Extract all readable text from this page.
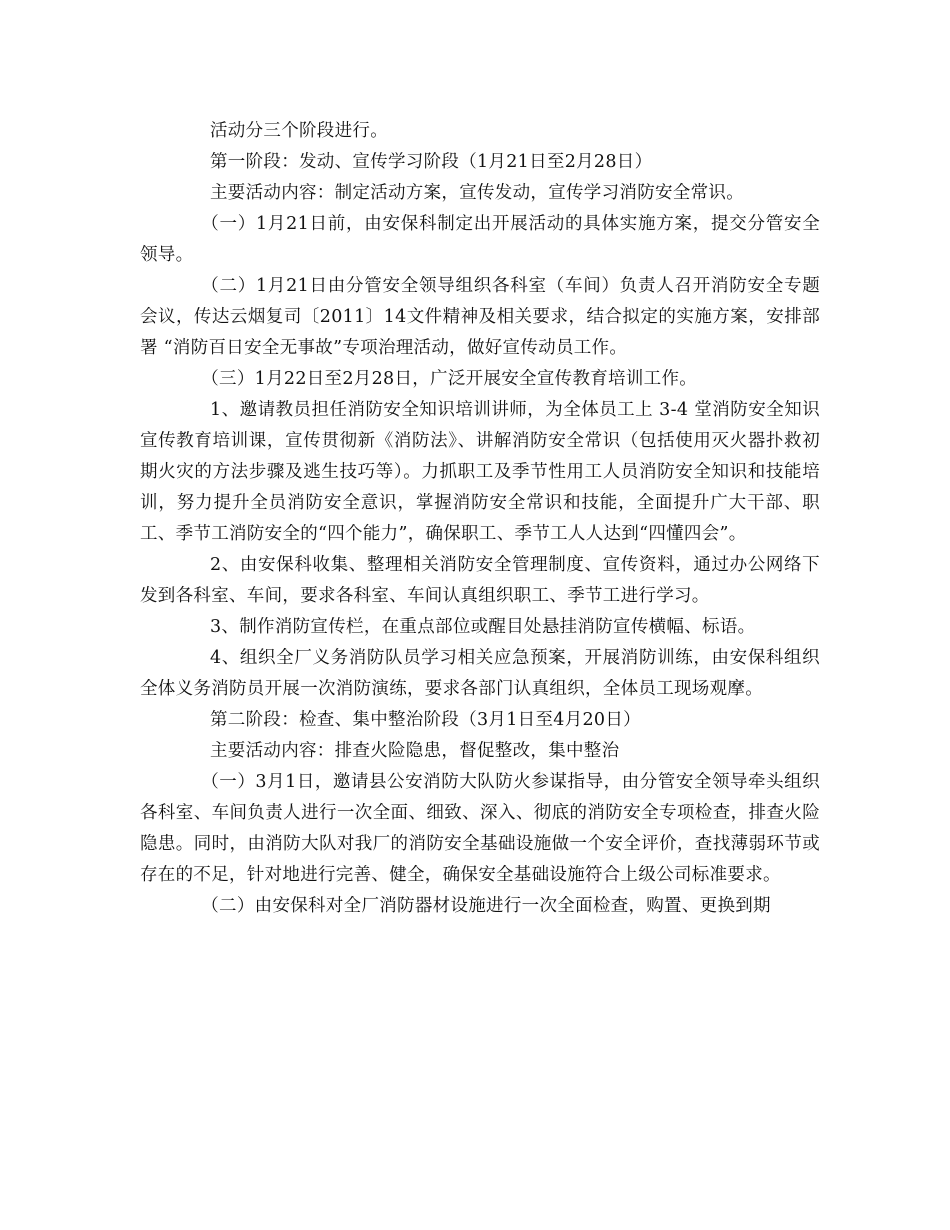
活动分三个阶段进行。

第一阶段：发动、宣传学习阶段（1月21日至2月28日）

主要活动内容：制定活动方案，宣传发动，宣传学习消防安全常识。

（一）1月21日前，由安保科制定出开展活动的具体实施方案，提交分管安全领导。

（二）1月21日由分管安全领导组织各科室（车间）负责人召开消防安全专题会议，传达云烟复司〔2011〕14文件精神及相关要求，结合拟定的实施方案，安排部署 “消防百日安全无事故”专项治理活动，做好宣传动员工作。

（三）1月22日至2月28日，广泛开展安全宣传教育培训工作。

1、邀请教员担任消防安全知识培训讲师，为全体员工上 3-4 堂消防安全知识宣传教育培训课，宣传贯彻新《消防法》、讲解消防安全常识（包括使用灭火器扑救初期火灾的方法步骤及逃生技巧等）。力抓职工及季节性用工人员消防安全知识和技能培训，努力提升全员消防安全意识，掌握消防安全常识和技能，全面提升广大干部、职工、季节工消防安全的“四个能力”，确保职工、季节工人人达到“四懂四会”。

2、由安保科收集、整理相关消防安全管理制度、宣传资料，通过办公网络下发到各科室、车间，要求各科室、车间认真组织职工、季节工进行学习。

3、制作消防宣传栏，在重点部位或醒目处悬挂消防宣传横幅、标语。

4、组织全厂义务消防队员学习相关应急预案，开展消防训练，由安保科组织全体义务消防员开展一次消防演练，要求各部门认真组织，全体员工现场观摩。

第二阶段：检查、集中整治阶段（3月1日至4月20日）

主要活动内容：排查火险隐患，督促整改，集中整治

（一）3月1日，邀请县公安消防大队防火参谋指导，由分管安全领导牵头组织各科室、车间负责人进行一次全面、细致、深入、彻底的消防安全专项检查，排查火险隐患。同时，由消防大队对我厂的消防安全基础设施做一个安全评价，查找薄弱环节或存在的不足，针对地进行完善、健全，确保安全基础设施符合上级公司标准要求。

（二）由安保科对全厂消防器材设施进行一次全面检查，购置、更换到期
